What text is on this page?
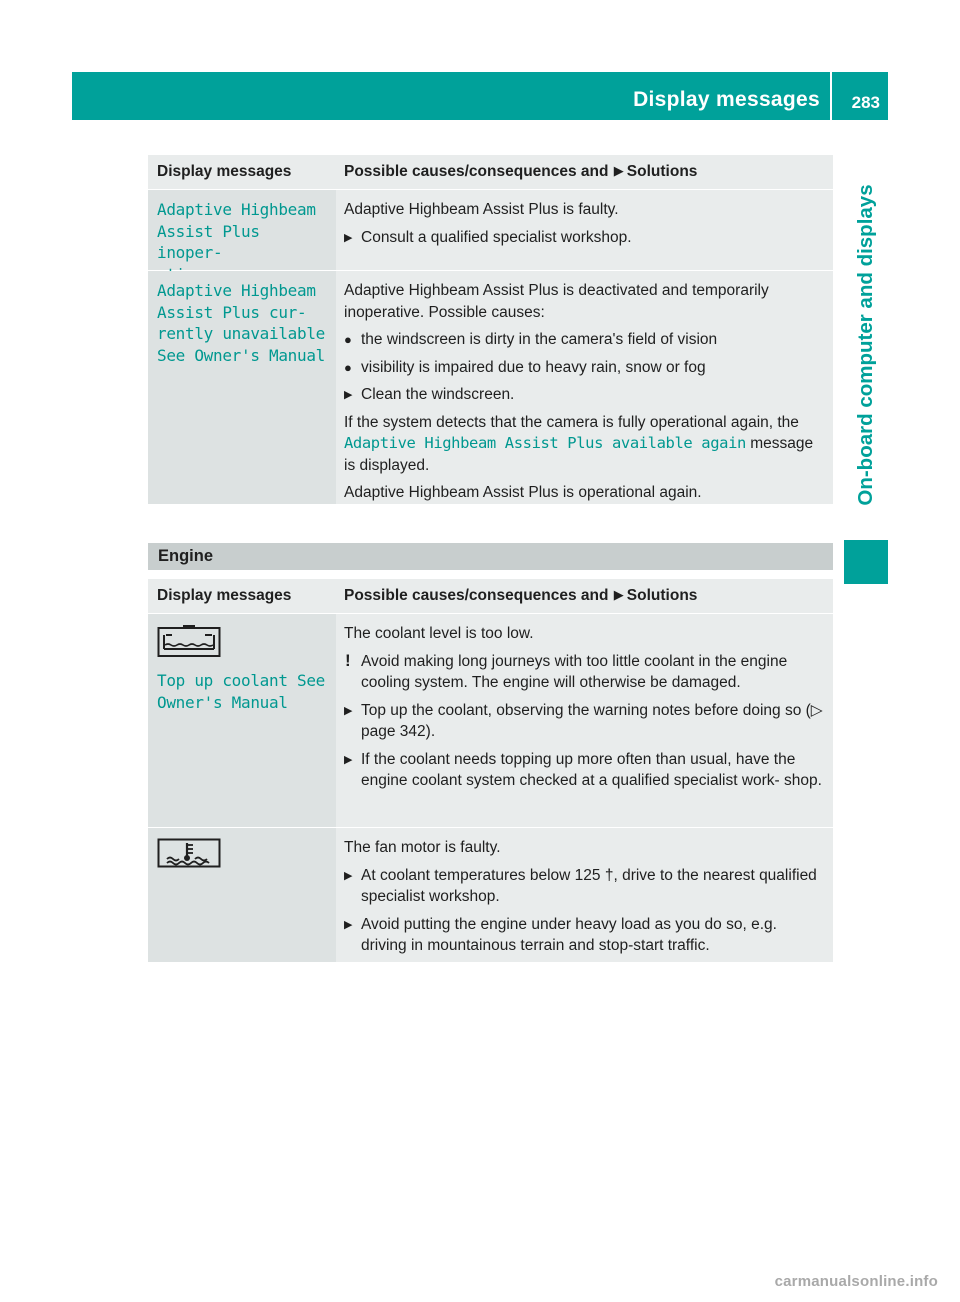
Display messages 283
On-board computer and displays
Display messages	Possible causes/consequences and ▶ Solutions
Adaptive Highbeam
Assist Plus inoper‐

Adaptive Highbeam Assist Plus is faulty.

▶ Consult a qualified specialist workshop.
Adaptive Highbeam
Assist Plus cur‐
rently unavailable
See Owner's Manual

Adaptive Highbeam Assist Plus is deactivated and temporarily inoperative. Possible causes:

● the windscreen is dirty in the camera's field of vision
● visibility is impaired due to heavy rain, snow or fog
▶ Clean the windscreen.

If the system detects that the camera is fully operational again, the Adaptive Highbeam Assist Plus available again message is displayed.

Adaptive Highbeam Assist Plus is operational again.

Engine
Display messages	Possible causes/consequences and ▶ Solutions
Top up coolant See
Owner's Manual

The coolant level is too low.

! Avoid making long journeys with too little coolant in the engine cooling system. The engine will otherwise be damaged.
▶ Top up the coolant, observing the warning notes before doing so (▷ page 342).
▶ If the coolant needs topping up more often than usual, have the engine coolant system checked at a qualified specialist work‐ shop.

The fan motor is faulty.

▶ At coolant temperatures below 125 †, drive to the nearest qualified specialist workshop.
▶ Avoid putting the engine under heavy load as you do so, e.g. driving in mountainous terrain and stop-start traffic.
carmanualsonline.info
